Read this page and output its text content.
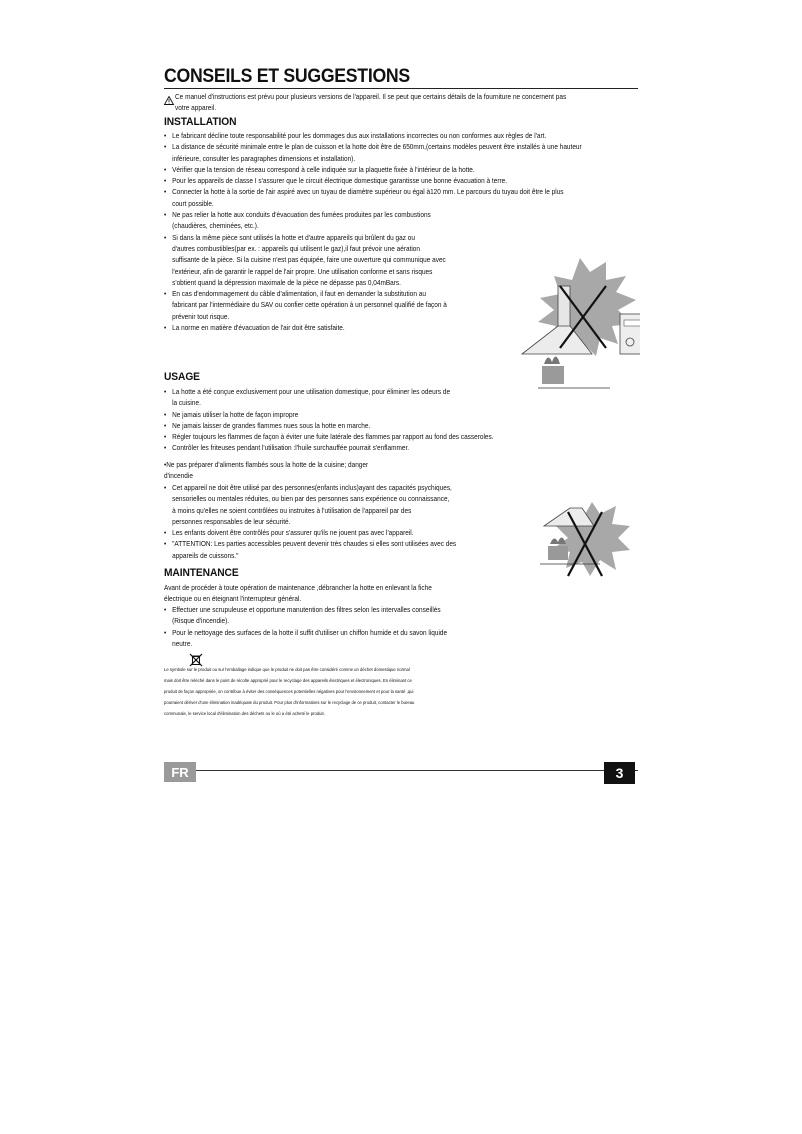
CONSEILS ET SUGGESTIONS
Ce manuel d'instructions est prévu pour plusieurs versions de l'appareil. Il se peut que certains détails de la fourniture ne concernent pas
votre appareil.
INSTALLATION
• Le fabricant décline toute responsabilité pour les dommages dus aux installations incorrectes ou non conformes aux règles de l'art.
• La distance de sécurité minimale entre le plan de cuisson et la hotte doit être de 650mm,(certains modèles peuvent être installés à une hauteur
inférieure, consulter les paragraphes dimensions et installation).
• Vérifier que la tension de réseau correspond à celle indiquée sur la plaquette fixée à l'intérieur de la hotte.
• Pour les appareils de classe I s'assurer que le circuit électrique domestique garantisse une bonne évacuation à terre.
• Connecter la hotte à la sortie de l'air aspiré avec un tuyau de diamètre supérieur ou égal à120 mm. Le parcours du tuyau doit être le plus
court possible.
• Ne pas relier la hotte aux conduits d'évacuation des fumées produites par les combustions
(chaudières, cheminées, etc.).
• Si dans la même pièce sont utilisés la hotte et d'autre appareils qui brûlent du gaz ou
d'autres combustibles(par ex. : appareils qui utilisent le gaz),il faut prévoir une aération
suffisante de la pièce. Si la cuisine n'est pas équipée, faire une ouverture qui communique avec
l'extérieur, afin de garantir le rappel de l'air propre. Une utilisation conforme et sans risques
s'obtient quand la dépression maximale de la pièce ne dépasse pas 0,04mBars.
• En cas d'endommagement du câble d'alimentation, il faut en demander la substitution au
fabricant par l'intermédiaire du SAV ou confier cette opération à un personnel qualifié de façon à
prévenir tout risque.
• La norme en matière d'évacuation de l'air doit être satisfaite.
USAGE
• La hotte a été conçue exclusivement pour une utilisation domestique, pour éliminer les odeurs de
la cuisine.
• Ne jamais utiliser la hotte de façon impropre
• Ne jamais laisser de grandes flammes nues sous la hotte en marche.
• Régler toujours les flammes de façon à éviter une fuite latérale des flammes par rapport au fond des casseroles.
• Contrôler les friteuses pendant l'utilisation :l'huile surchauffée pourrait s'enflammer.
•Ne pas préparer d'aliments flambés sous la hotte de la cuisine; danger
d'incendie
• Cet appareil ne doit être utilisé par des personnes(enfants inclus)ayant des capacités psychiques,
sensorielles ou mentales réduites, ou bien par des personnes sans expérience ou connaissance,
à moins qu'elles ne soient contrôlées ou instruites à l'utilisation de l'appareil par des
personnes responsables de leur sécurité.
• Les enfants doivent être contrôlés pour s'assurer qu'ils ne jouent pas avec l'appareil.
• "ATTENTION: Les parties accessibles peuvent devenir très chaudes si elles sont utilisées avec des
appareils de cuissons."
MAINTENANCE
Avant de procéder à toute opération de maintenance ,débrancher la hotte en enlevant la fiche
électrique ou en éteignant l'interrupteur général.
• Effectuer une scrupuleuse et opportune manutention des filtres selon les intervalles conseillés
(Risque d'incendie).
• Pour le nettoyage des surfaces de la hotte il suffit d'utiliser un chiffon humide et du savon liquide
neutre.
Le symbole sur le produit ou sur l'emballage indique que le produit ne doit pas être considéré comme un déchet domestique normal
mais doit être reléché dans le point de récolte approprié pour le recyclage des appareils électriques et électroniques. En éliminant ce
produit de façon appropriée, on contribue à éviter des conséquences potentielles négatives pour l'environnement et pour la santé ,qui
pourraient dériver d'une élimination inadéquate du produit. Pour plus d'informations sur le recyclage de ce produit, contacter le bureau
communale, le service local d'élimination des déchets ou le où a été acheté le produit.
FR	3
